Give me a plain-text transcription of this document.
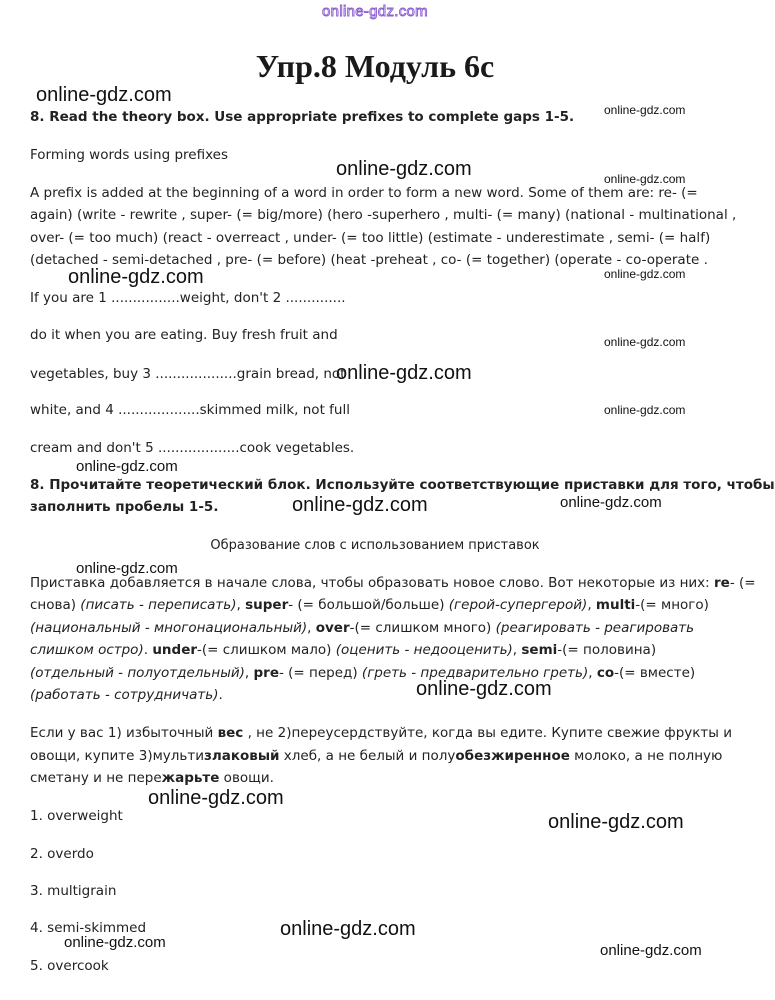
online-gdz.com
Упр.8 Модуль 6с
online-gdz.com
online-gdz.com
online-gdz.com	online-gdz.com
online-gdz.com	online-gdz.com
online-gdz.com
online-gdz.com
online-gdz.com
online-gdz.com
online-gdz.com
online-gdz.com
online-gdz.com
online-gdz.com
online-gdz.com
online-gdz.com
online-gdz.com
online-gdz.com	online-gdz.com
8. Read the theory box. Use appropriate prefixes to complete gaps 1-5.
Forming words using prefixes
A prefix is added at the beginning of a word in order to form a new word. Some of them are: re- (=
again) (write - rewrite , super- (= big/more) (hero -superhero , multi- (= many) (national - multinational ,
over- (= too much) (react - overreact , under- (= too little) (estimate - underestimate , semi- (= half)
(detached - semi-detached , pre- (= before) (heat -preheat , co- (= together) (operate - co-operate .
If you are 1 ................weight, don't 2 ..............
do it when you are eating. Buy fresh fruit and
vegetables, buy 3 ...................grain bread, not
white, and 4 ...................skimmed milk, not full
cream and don't 5 ...................cook vegetables.
8. Прочитайте теоретический блок. Используйте соответствующие приставки для того, чтобы
заполнить пробелы 1-5.
Образование слов с использованием приставок
Приставка добавляется в начале слова, чтобы образовать новое слово. Вот некоторые из них: re- (=
снова) (писать - переписать), super- (= большой/больше) (герой-супергерой), multi-(= много)
(национальный - многонациональный), over-(= слишком много) (реагировать - реагировать
слишком остро). under-(= слишком мало) (оценить - недооценить), semi-(= половина)
(отдельный - полуотдельный), pre- (= перед) (греть - предварительно греть), co-(= вместе)
(работать - сотрудничать).
Если у вас 1) избыточный вес , не 2)переусердствуйте, когда вы едите. Купите свежие фрукты и
овощи, купите 3)мультизлаковый хлеб, а не белый и полуобезжиренное молоко, а не полную
сметану и не пережарьте овощи.
1. overweight
2. overdo
3. multigrain
4. semi-skimmed
5. overcook
